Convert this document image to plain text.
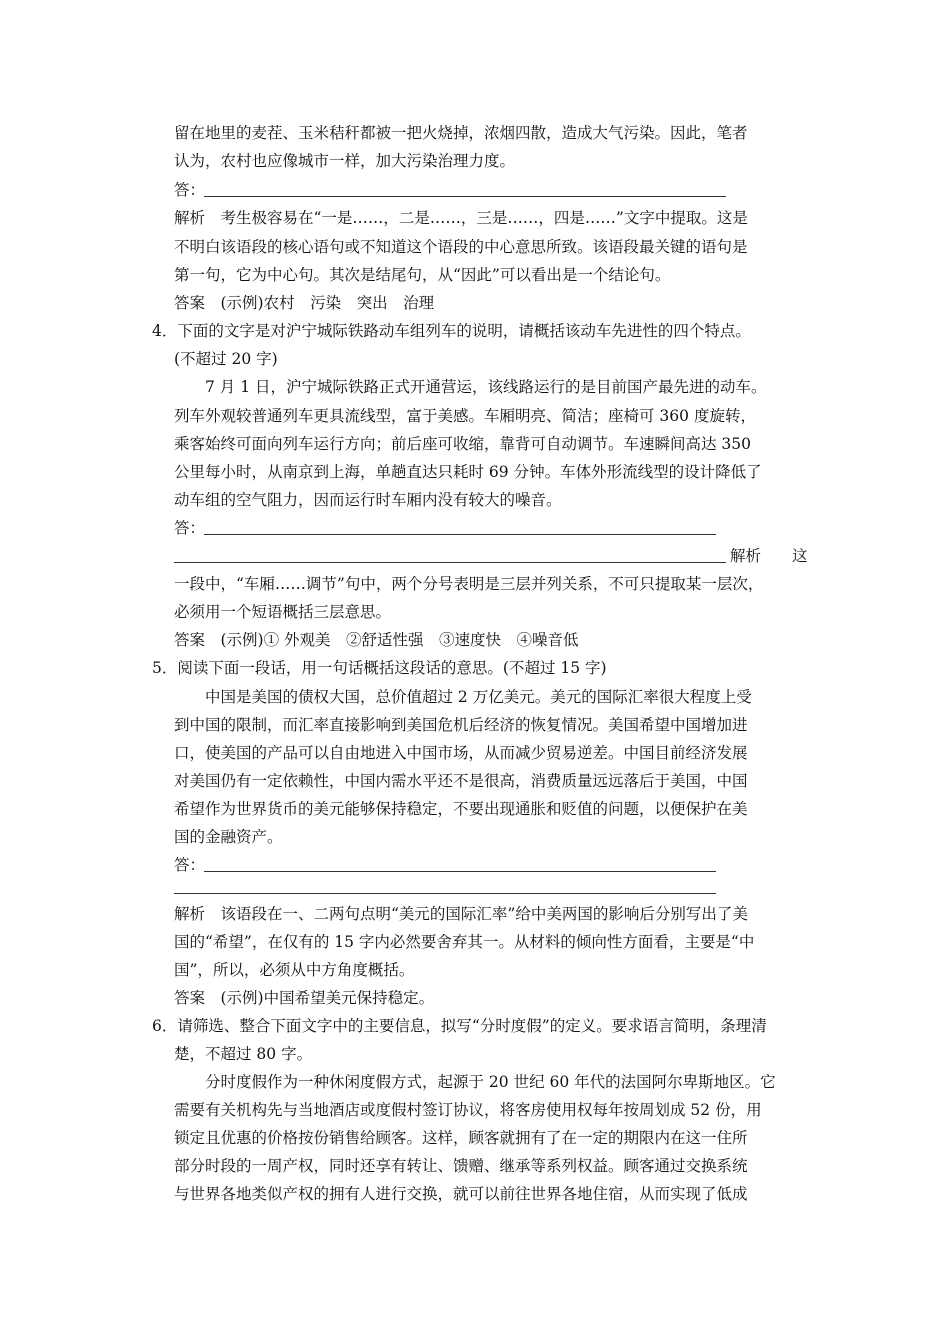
留在地里的麦茬、玉米秸秆都被一把火烧掉，浓烟四散，造成大气污染。因此，笔者
认为，农村也应像城市一样，加大污染治理力度。
答：
解析　考生极容易在“一是……，二是……，三是……，四是……”文字中提取。这是
不明白该语段的核心语句或不知道这个语段的中心意思所致。该语段最关键的语句是
第一句，它为中心句。其次是结尾句，从“因此”可以看出是一个结论句。
答案　(示例)农村　污染　突出　治理
4．下面的文字是对沪宁城际铁路动车组列车的说明，请概括该动车先进性的四个特点。
(不超过 20 字)
7 月 1 日，沪宁城际铁路正式开通营运，该线路运行的是目前国产最先进的动车。
列车外观较普通列车更具流线型，富于美感。车厢明亮、简洁；座椅可 360 度旋转，
乘客始终可面向列车运行方向；前后座可收缩，靠背可自动调节。车速瞬间高达 350
公里每小时，从南京到上海，单趟直达只耗时 69 分钟。车体外形流线型的设计降低了
动车组的空气阻力，因而运行时车厢内没有较大的噪音。
答：
解析　　这
一段中，“车厢……调节”句中，两个分号表明是三层并列关系，不可只提取某一层次，
必须用一个短语概括三层意思。
答案　(示例)① 外观美　②舒适性强　③速度快　④噪音低
5．阅读下面一段话，用一句话概括这段话的意思。(不超过 15 字)
中国是美国的债权大国，总价值超过 2 万亿美元。美元的国际汇率很大程度上受
到中国的限制，而汇率直接影响到美国危机后经济的恢复情况。美国希望中国增加进
口，使美国的产品可以自由地进入中国市场，从而减少贸易逆差。中国目前经济发展
对美国仍有一定依赖性，中国内需水平还不是很高，消费质量远远落后于美国，中国
希望作为世界货币的美元能够保持稳定，不要出现通胀和贬值的问题，以便保护在美
国的金融资产。
答：
解析　该语段在一、二两句点明“美元的国际汇率”给中美两国的影响后分别写出了美
国的“希望”，在仅有的 15 字内必然要舍弃其一。从材料的倾向性方面看，主要是“中
国”，所以，必须从中方角度概括。
答案　(示例)中国希望美元保持稳定。
6．请筛选、整合下面文字中的主要信息，拟写“分时度假”的定义。要求语言简明，条理清
楚，不超过 80 字。
分时度假作为一种休闲度假方式，起源于 20 世纪 60 年代的法国阿尔卑斯地区。它
需要有关机构先与当地酒店或度假村签订协议，将客房使用权每年按周划成 52 份，用
锁定且优惠的价格按份销售给顾客。这样，顾客就拥有了在一定的期限内在这一住所
部分时段的一周产权，同时还享有转让、馈赠、继承等系列权益。顾客通过交换系统
与世界各地类似产权的拥有人进行交换，就可以前往世界各地住宿，从而实现了低成
